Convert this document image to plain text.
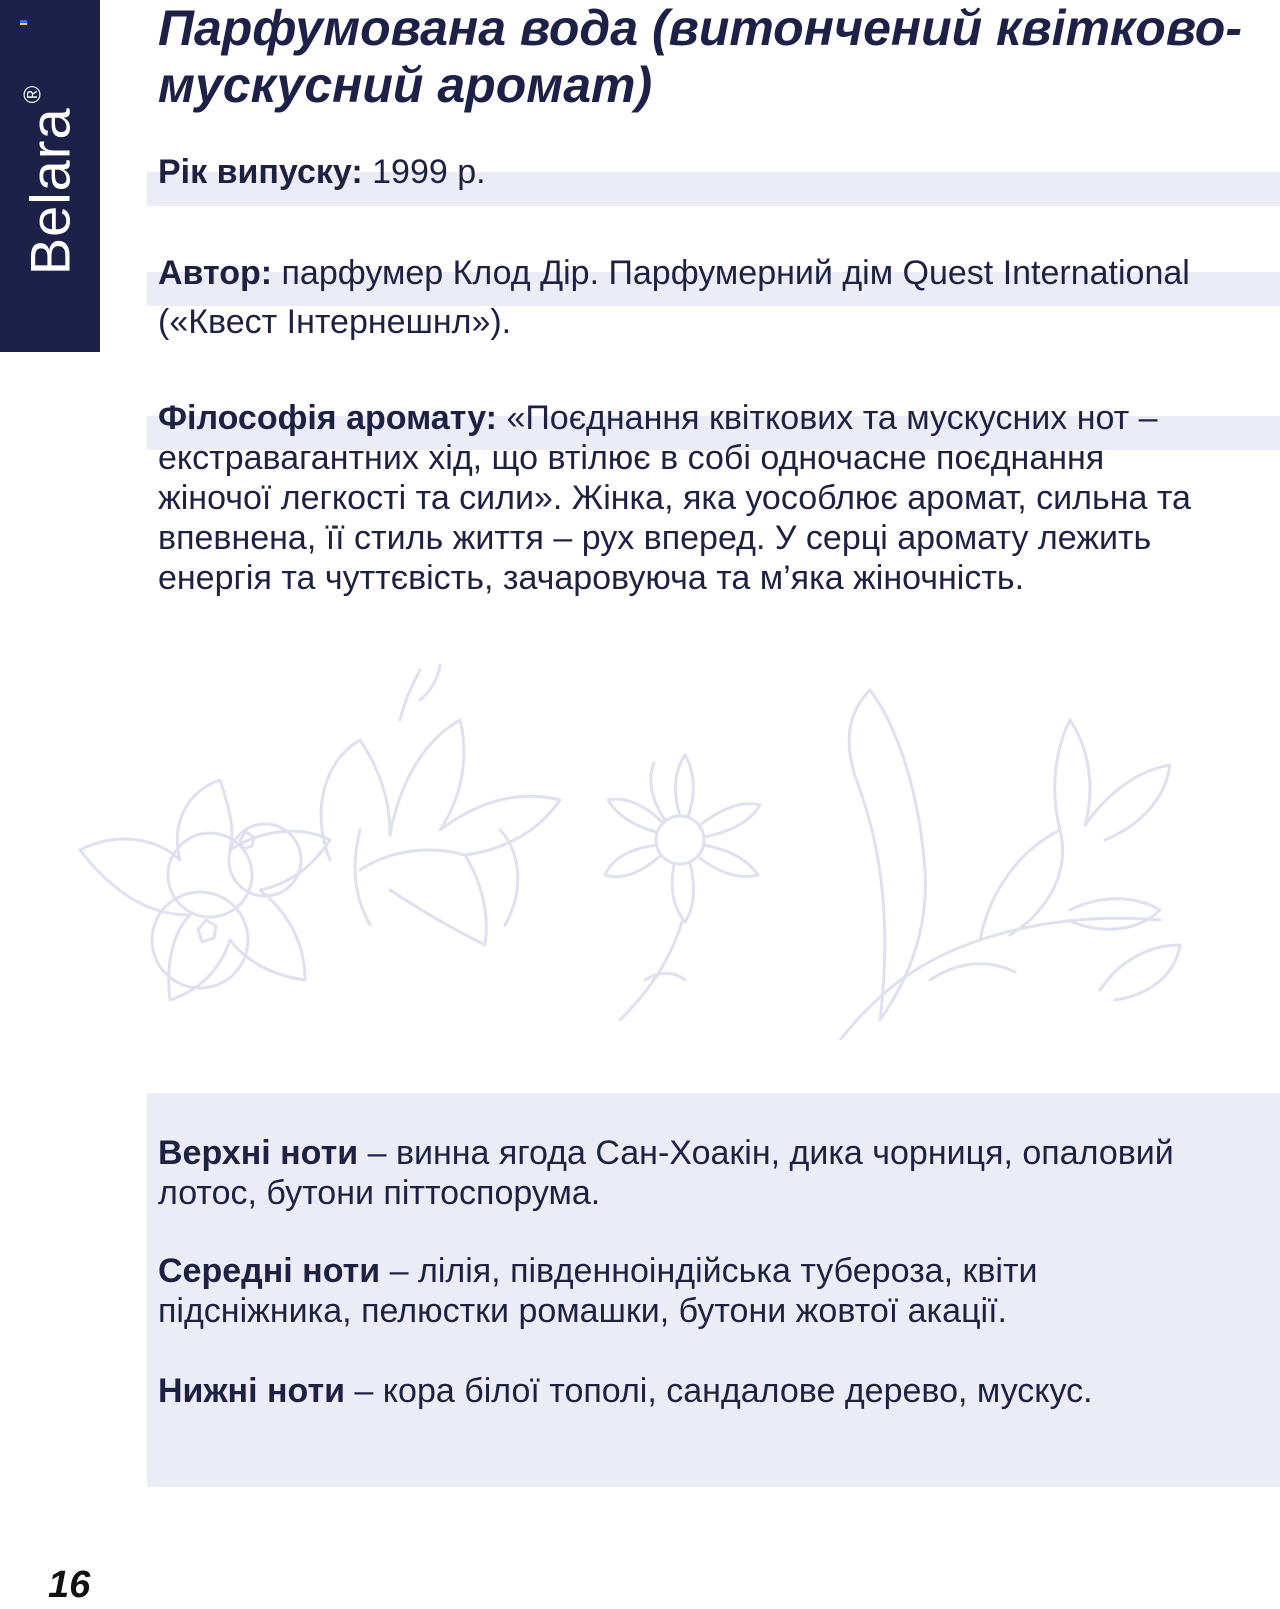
Belara®
Парфумована вода (витончений квітково-мускусний аромат)

Рік випуску: 1999 р.

Автор: парфумер Клод Дір. Парфумерний дім Quest International («Квест Інтернешнл»).

Філософія аромату: «Поєднання квіткових та мускусних нот – екстравагантних хід, що втілює в собі одночасне поєднання жіночої легкості та сили». Жінка, яка уособлює аромат, сильна та впевнена, її стиль життя – рух вперед. У серці аромату лежить енергія та чуттєвість, зачаровуюча та м’яка жіночність.

Верхні ноти – винна ягода Сан-Хоакін, дика чорниця, опаловий лотос, бутони піттоспорума.

Середні ноти – лілія, південноіндійська тубероза, квіти підсніжника, пелюстки ромашки, бутони жовтої акації.

Нижні ноти – кора білої тополі, сандалове дерево, мускус.

16
